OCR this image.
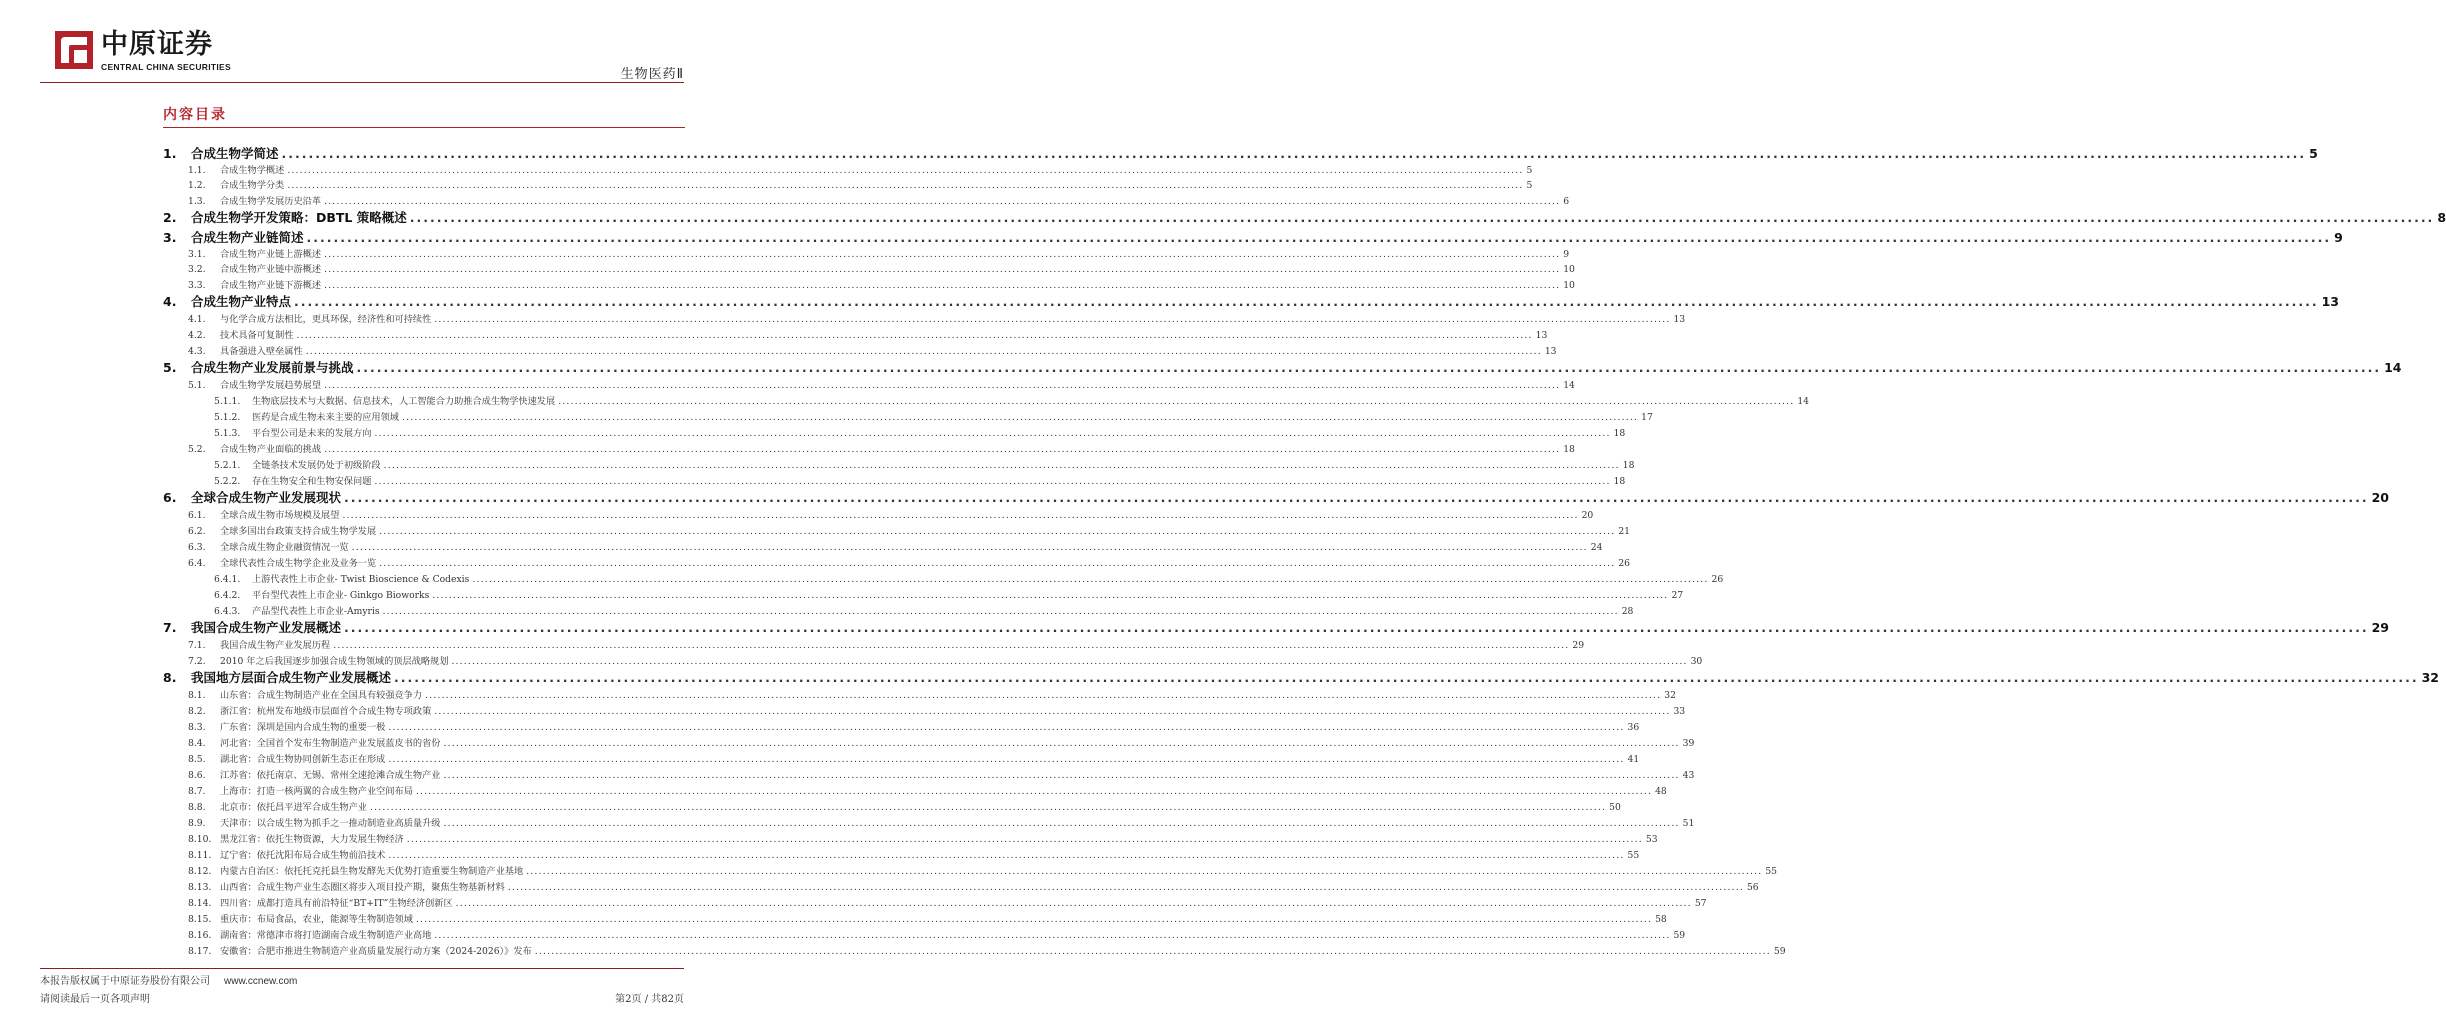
中原证券
CENTRAL CHINA SECURITIES	生物医药Ⅱ
内容目录
1.	合成生物学简述 ............................................................................................................................................................................................................................................................................................................ 5
1.1.	合成生物学概述 ............................................................................................................................................................................................................................................................................................................ 5
1.2.	合成生物学分类 ............................................................................................................................................................................................................................................................................................................ 5
1.3.	合成生物学发展历史沿革 ............................................................................................................................................................................................................................................................................................................ 6
2.	合成生物学开发策略：DBTL 策略概述 ............................................................................................................................................................................................................................................................................................................ 8
3.	合成生物产业链简述 ............................................................................................................................................................................................................................................................................................................ 9
3.1.	合成生物产业链上游概述 ............................................................................................................................................................................................................................................................................................................ 9
3.2.	合成生物产业链中游概述 ............................................................................................................................................................................................................................................................................................................ 10
3.3.	合成生物产业链下游概述 ............................................................................................................................................................................................................................................................................................................ 10
4.	合成生物产业特点 ............................................................................................................................................................................................................................................................................................................ 13
4.1.	与化学合成方法相比，更具环保，经济性和可持续性 ............................................................................................................................................................................................................................................................................................................ 13
4.2.	技术具备可复制性 ............................................................................................................................................................................................................................................................................................................ 13
4.3.	具备强进入壁垒属性 ............................................................................................................................................................................................................................................................................................................ 13
5.	合成生物产业发展前景与挑战 ............................................................................................................................................................................................................................................................................................................ 14
5.1.	合成生物学发展趋势展望 ............................................................................................................................................................................................................................................................................................................ 14
5.1.1.	生物底层技术与大数据、信息技术，人工智能合力助推合成生物学快速发展 ............................................................................................................................................................................................................................................................................................................ 14
5.1.2.	医药是合成生物未来主要的应用领域 ............................................................................................................................................................................................................................................................................................................ 17
5.1.3.	平台型公司是未来的发展方向 ............................................................................................................................................................................................................................................................................................................ 18
5.2.	合成生物产业面临的挑战 ............................................................................................................................................................................................................................................................................................................ 18
5.2.1.	全链条技术发展仍处于初级阶段 ............................................................................................................................................................................................................................................................................................................ 18
5.2.2.	存在生物安全和生物安保问题 ............................................................................................................................................................................................................................................................................................................ 18
6.	全球合成生物产业发展现状 ............................................................................................................................................................................................................................................................................................................ 20
6.1.	全球合成生物市场规模及展望 ............................................................................................................................................................................................................................................................................................................ 20
6.2.	全球多国出台政策支持合成生物学发展 ............................................................................................................................................................................................................................................................................................................ 21
6.3.	全球合成生物企业融资情况一览 ............................................................................................................................................................................................................................................................................................................ 24
6.4.	全球代表性合成生物学企业及业务一览 ............................................................................................................................................................................................................................................................................................................ 26
6.4.1.	上游代表性上市企业- Twist Bioscience & Codexis ............................................................................................................................................................................................................................................................................................................ 26
6.4.2.	平台型代表性上市企业- Ginkgo Bioworks ............................................................................................................................................................................................................................................................................................................ 27
6.4.3.	产品型代表性上市企业-Amyris ............................................................................................................................................................................................................................................................................................................ 28
7.	我国合成生物产业发展概述 ............................................................................................................................................................................................................................................................................................................ 29
7.1.	我国合成生物产业发展历程 ............................................................................................................................................................................................................................................................................................................ 29
7.2.	2010 年之后我国逐步加强合成生物领域的顶层战略规划 ............................................................................................................................................................................................................................................................................................................ 30
8.	我国地方层面合成生物产业发展概述 ............................................................................................................................................................................................................................................................................................................ 32
8.1.	山东省：合成生物制造产业在全国具有较强竞争力 ............................................................................................................................................................................................................................................................................................................ 32
8.2.	浙江省：杭州发布地级市层面首个合成生物专项政策 ............................................................................................................................................................................................................................................................................................................ 33
8.3.	广东省：深圳是国内合成生物的重要一极 ............................................................................................................................................................................................................................................................................................................ 36
8.4.	河北省：全国首个发布生物制造产业发展蓝皮书的省份 ............................................................................................................................................................................................................................................................................................................ 39
8.5.	湖北省：合成生物协同创新生态正在形成 ............................................................................................................................................................................................................................................................................................................ 41
8.6.	江苏省：依托南京、无锡、常州全速抢滩合成生物产业 ............................................................................................................................................................................................................................................................................................................ 43
8.7.	上海市：打造一核两翼的合成生物产业空间布局 ............................................................................................................................................................................................................................................................................................................ 48
8.8.	北京市：依托昌平进军合成生物产业 ............................................................................................................................................................................................................................................................................................................ 50
8.9.	天津市：以合成生物为抓手之一推动制造业高质量升级 ............................................................................................................................................................................................................................................................................................................ 51
8.10. 黑龙江省：依托生物资源，大力发展生物经济 ............................................................................................................................................................................................................................................................................................................ 53
8.11. 辽宁省：依托沈阳布局合成生物前沿技术 ............................................................................................................................................................................................................................................................................................................ 55
8.12. 内蒙古自治区：依托托克托县生物发酵先天优势打造重要生物制造产业基地 ............................................................................................................................................................................................................................................................................................................ 55
8.13. 山西省：合成生物产业生态圈区将步入项目投产期，聚焦生物基新材料 ............................................................................................................................................................................................................................................................................................................ 56
8.14. 四川省：成都打造具有前沿特征“BT+IT”生物经济创新区 ............................................................................................................................................................................................................................................................................................................ 57
8.15. 重庆市：布局食品，农业，能源等生物制造领域 ............................................................................................................................................................................................................................................................................................................ 58
8.16. 湖南省：常德津市将打造湖南合成生物制造产业高地 ............................................................................................................................................................................................................................................................................................................ 59
8.17. 安徽省：合肥市推进生物制造产业高质量发展行动方案（2024-2026）》发布 ............................................................................................................................................................................................................................................................................................................ 59
本报告版权属于中原证券股份有限公司 www.ccnew.com
请阅读最后一页各项声明	第2页 / 共82页
